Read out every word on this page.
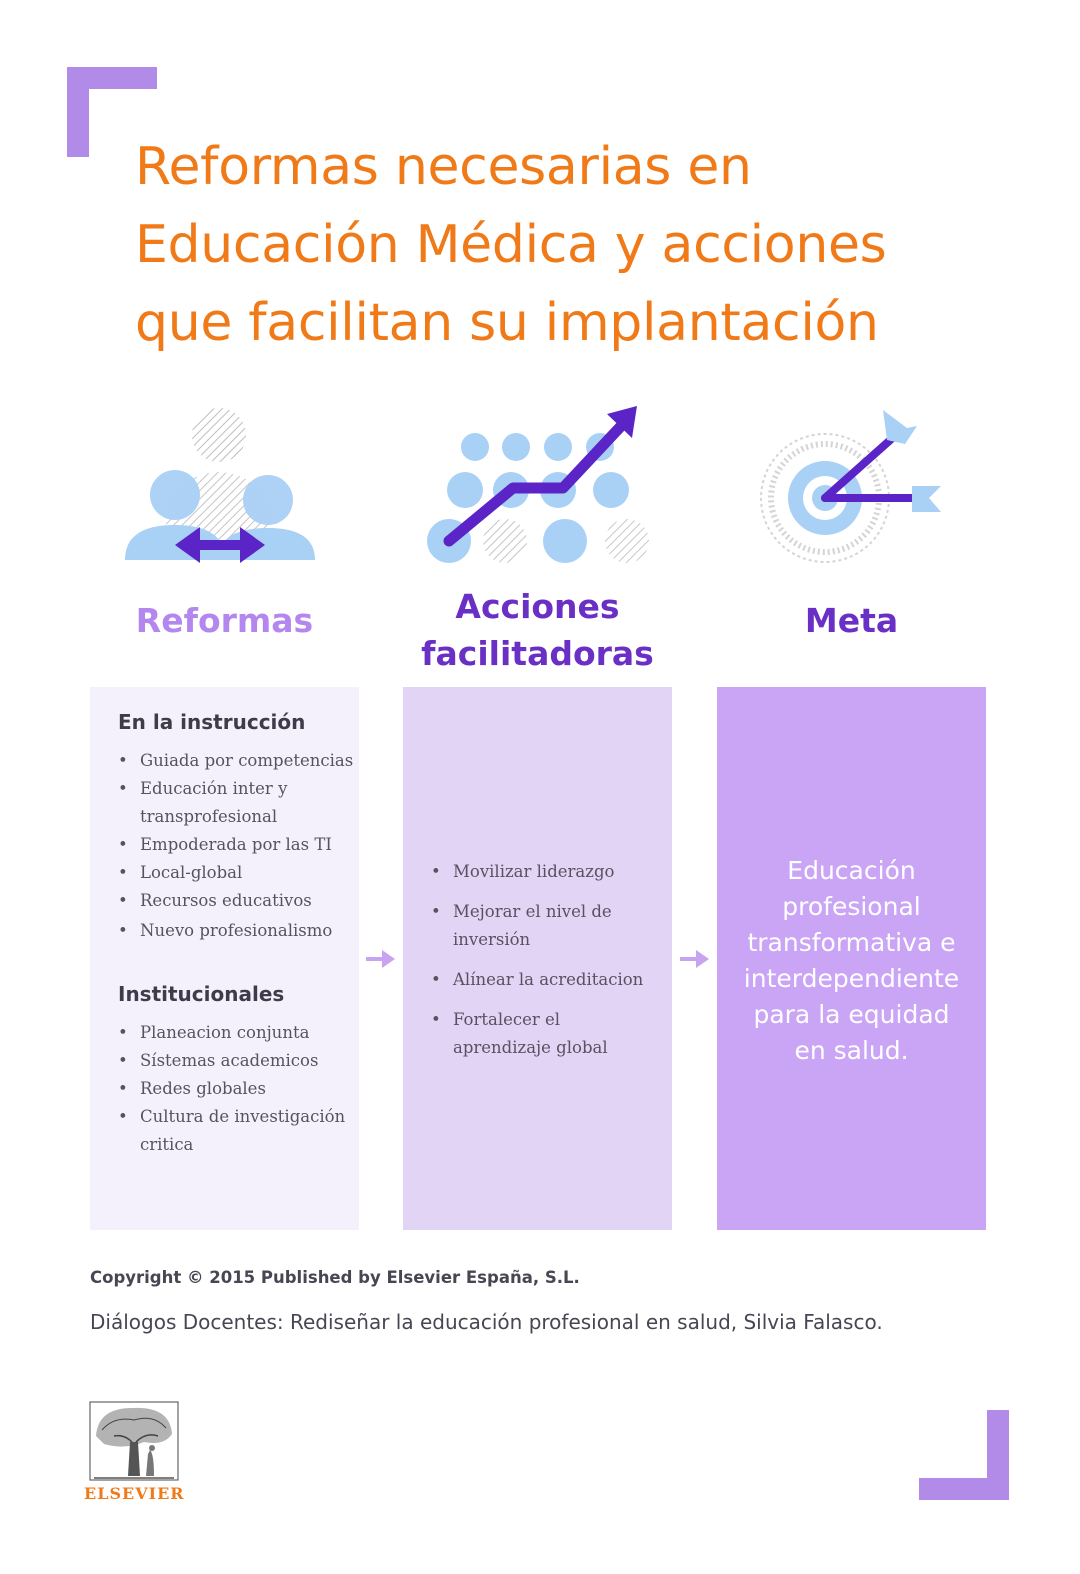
Reformas necesarias en
Educación Médica y acciones
que facilitan su implantación
Reformas	Acciones
facilitadoras
Meta

En la instrucción

• Guiada por competencias
• Educación inter y transprofesional
• Empoderada por las TI
• Local-global
• Recursos educativos
• Nuevo profesionalismo

Institucionales

• Planeacion conjunta
• Sístemas academicos
• Redes globales
• Cultura de investigación critica
• Movilizar liderazgo
• Mejorar el nivel de inversión
• Alínear la acreditacion
• Fortalecer el aprendizaje global

Educación profesional transformativa e interdependiente para la equidad en salud.

Copyright © 2015 Published by Elsevier España, S.L.

Diálogos Docentes: Rediseñar la educación profesional en salud, Silvia Falasco.

ELSEVIER
